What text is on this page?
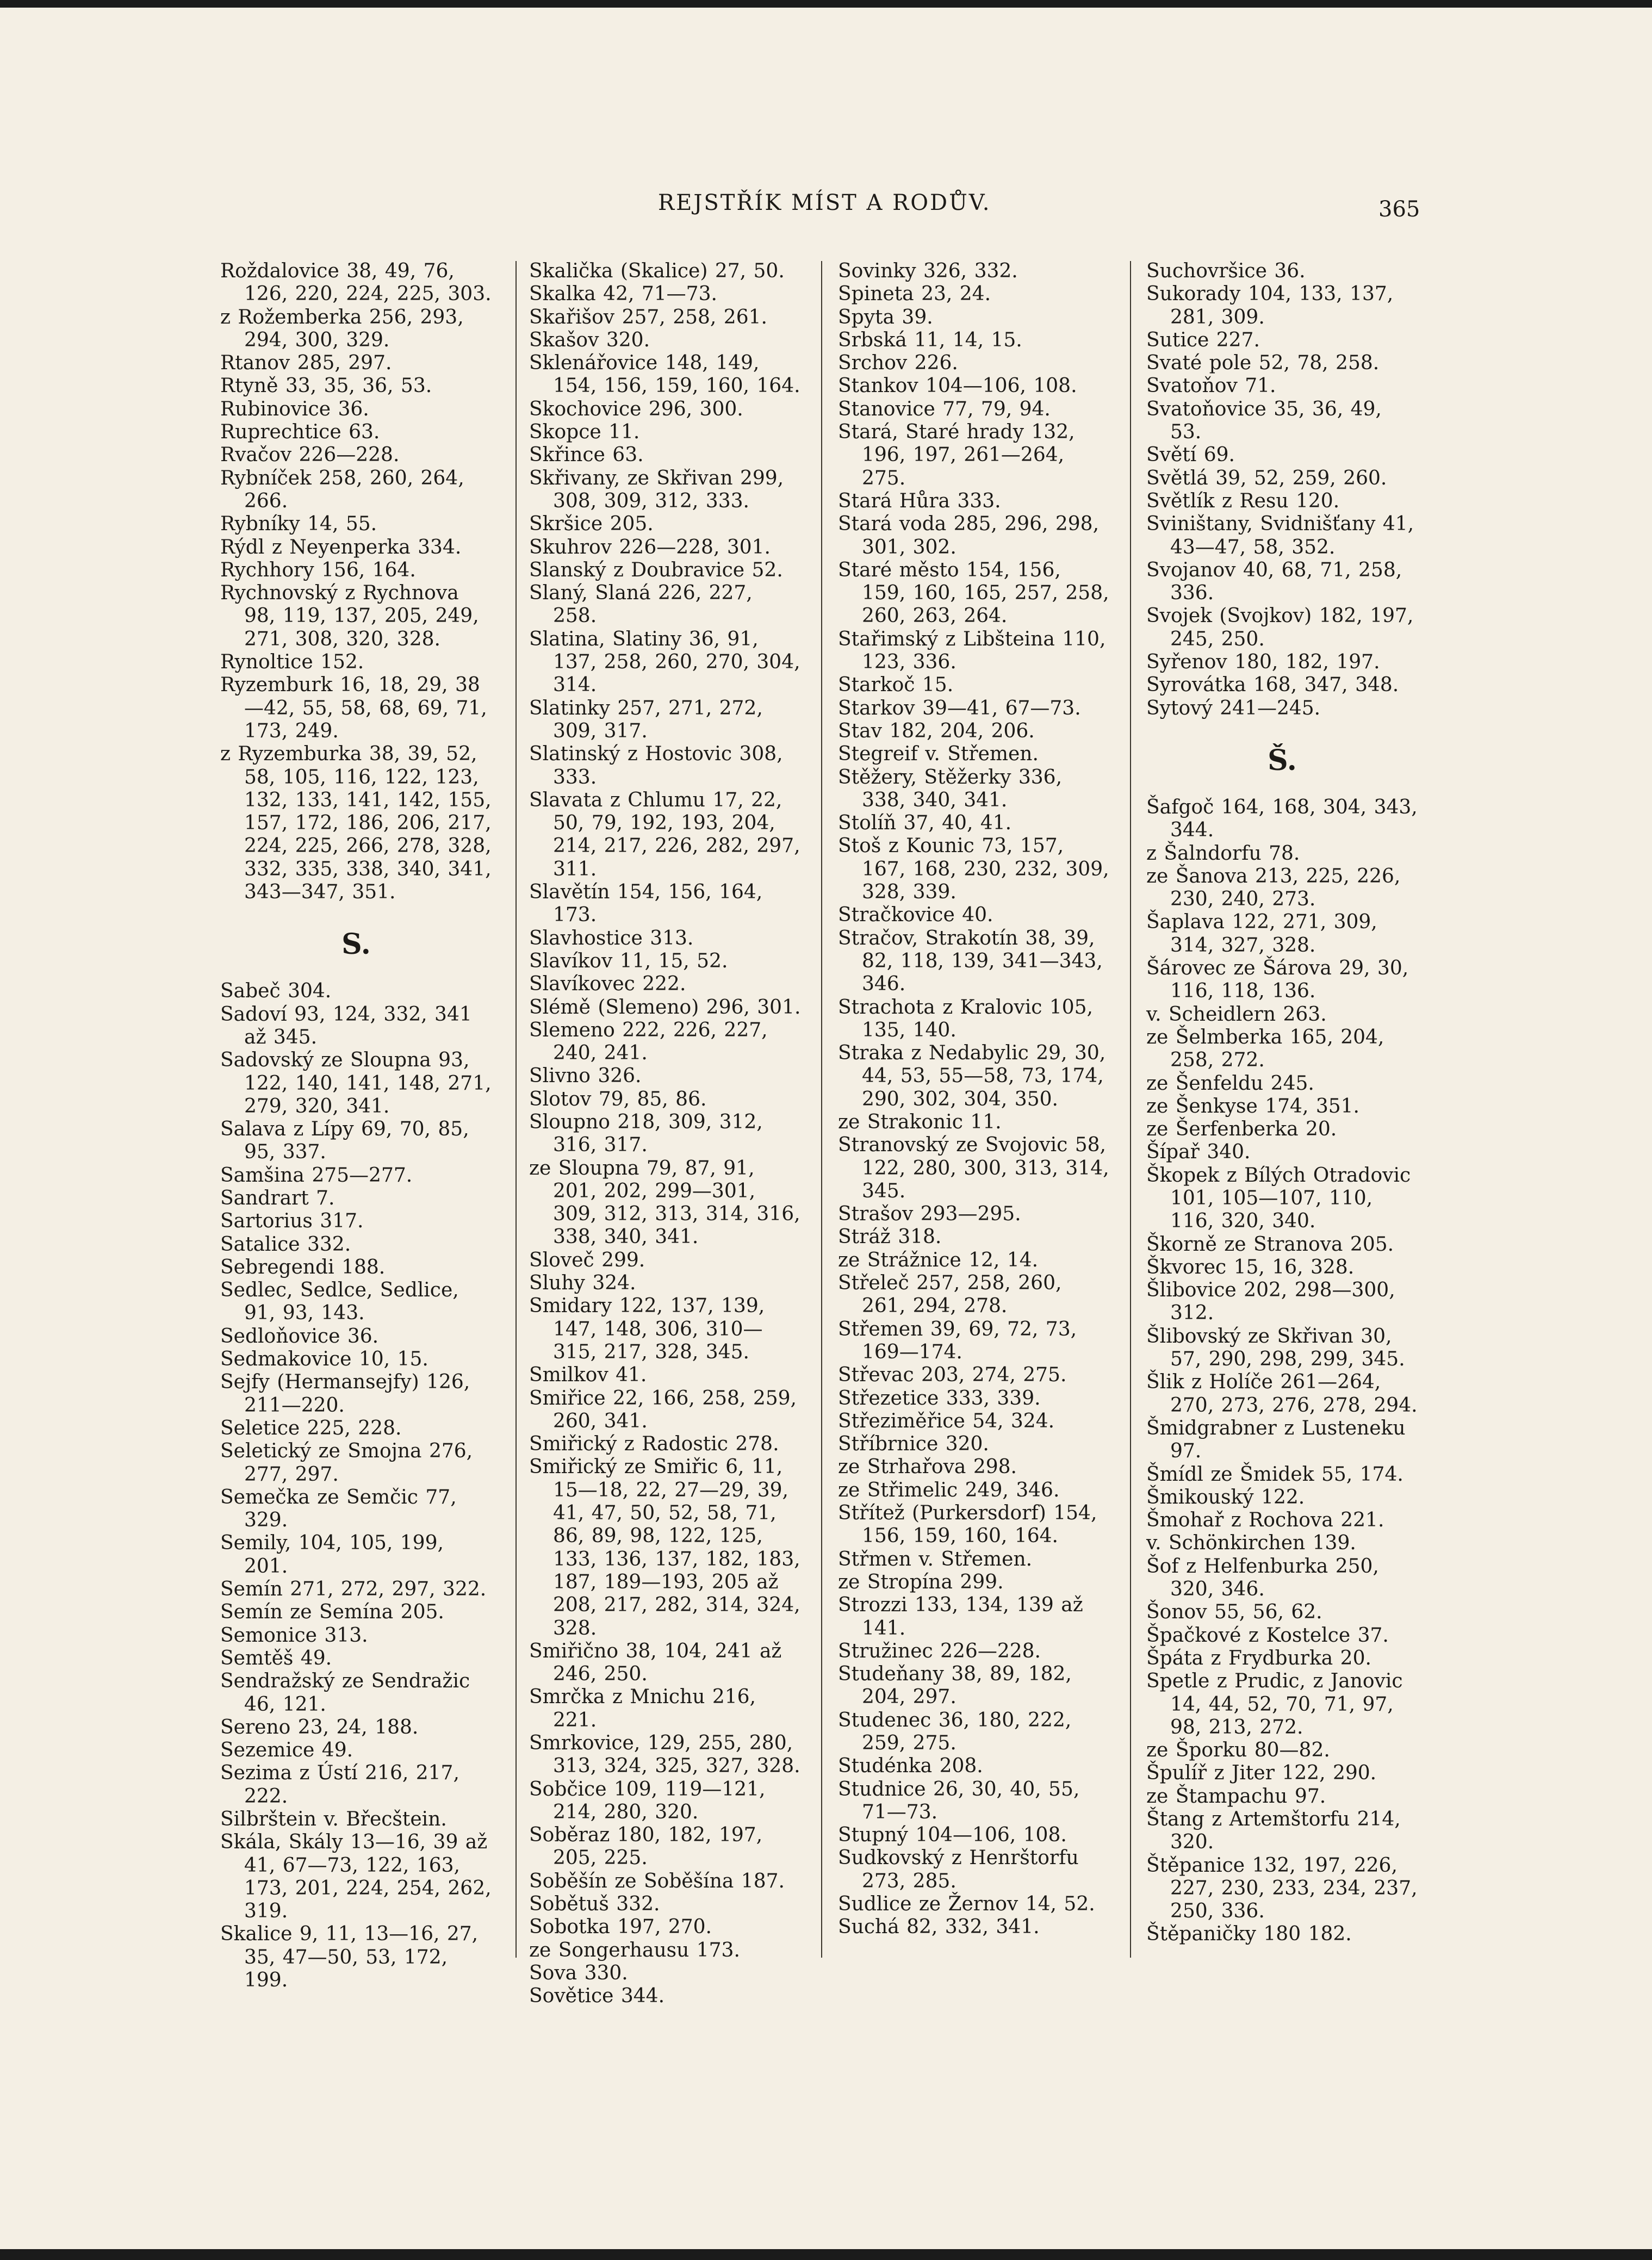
REJSTŘÍK MÍST A RODŮV.	365
Roždalovice 38, 49, 76, 126, 220, 224, 225, 303.
z Rožemberka 256, 293, 294, 300, 329.
Rtanov 285, 297.
Rtyně 33, 35, 36, 53.
Rubinovice 36.
Ruprechtice 63.
Rvačov 226—228.
Rybníček 258, 260, 264, 266.
Rybníky 14, 55.
Rýdl z Neyenperka 334.
Rychhory 156, 164.
Rychnovský z Rychnova 98, 119, 137, 205, 249, 271, 308, 320, 328.
Rynoltice 152.
Ryzemburk 16, 18, 29, 38—42, 55, 58, 68, 69, 71, 173, 249.
z Ryzemburka 38, 39, 52, 58, 105, 116, 122, 123, 132, 133, 141, 142, 155, 157, 172, 186, 206, 217, 224, 225, 266, 278, 328, 332, 335, 338, 340, 341, 343—347, 351.
S.
Sabeč 304.
Sadoví 93, 124, 332, 341 až 345.
Sadovský ze Sloupna 93, 122, 140, 141, 148, 271, 279, 320, 341.
Salava z Lípy 69, 70, 85, 95, 337.
Samšina 275—277.
Sandrart 7.
Sartorius 317.
Satalice 332.
Sebregendi 188.
Sedlec, Sedlce, Sedlice, 91, 93, 143.
Sedloňovice 36.
Sedmakovice 10, 15.
Sejfy (Hermansejfy) 126, 211—220.
Seletice 225, 228.
Seletický ze Smojna 276, 277, 297.
Semečka ze Semčic 77, 329.
Semily, 104, 105, 199, 201.
Semín 271, 272, 297, 322.
Semín ze Semína 205.
Semonice 313.
Semtěš 49.
Sendražský ze Sendražic 46, 121.
Sereno 23, 24, 188.
Sezemice 49.
Sezima z Ústí 216, 217, 222.
Silbrštein v. Břecštein.
Skála, Skály 13—16, 39 až 41, 67—73, 122, 163, 173, 201, 224, 254, 262, 319.
Skalice 9, 11, 13—16, 27, 35, 47—50, 53, 172, 199.
Skalička (Skalice) 27, 50.
Skalka 42, 71—73.
Skařišov 257, 258, 261.
Skašov 320.
Sklenářovice 148, 149, 154, 156, 159, 160, 164.
Skochovice 296, 300.
Skopce 11.
Skřince 63.
Skřivany, ze Skřivan 299, 308, 309, 312, 333.
Skršice 205.
Skuhrov 226—228, 301.
Slanský z Doubravice 52.
Slaný, Slaná 226, 227, 258.
Slatina, Slatiny 36, 91, 137, 258, 260, 270, 304, 314.
Slatinky 257, 271, 272, 309, 317.
Slatinský z Hostovic 308, 333.
Slavata z Chlumu 17, 22, 50, 79, 192, 193, 204, 214, 217, 226, 282, 297, 311.
Slavětín 154, 156, 164, 173.
Slavhostice 313.
Slavíkov 11, 15, 52.
Slavíkovec 222.
Slémě (Slemeno) 296, 301.
Slemeno 222, 226, 227, 240, 241.
Slivno 326.
Slotov 79, 85, 86.
Sloupno 218, 309, 312, 316, 317.
ze Sloupna 79, 87, 91, 201, 202, 299—301, 309, 312, 313, 314, 316, 338, 340, 341.
Sloveč 299.
Sluhy 324.
Smidary 122, 137, 139, 147, 148, 306, 310—315, 217, 328, 345.
Smilkov 41.
Smiřice 22, 166, 258, 259, 260, 341.
Smiřický z Radostic 278.
Smiřický ze Smiřic 6, 11, 15—18, 22, 27—29, 39, 41, 47, 50, 52, 58, 71, 86, 89, 98, 122, 125, 133, 136, 137, 182, 183, 187, 189—193, 205 až 208, 217, 282, 314, 324, 328.
Smiřično 38, 104, 241 až 246, 250.
Smrčka z Mnichu 216, 221.
Smrkovice, 129, 255, 280, 313, 324, 325, 327, 328.
Sobčice 109, 119—121, 214, 280, 320.
Soběraz 180, 182, 197, 205, 225.
Soběšín ze Soběšína 187.
Sobětuš 332.
Sobotka 197, 270.
ze Songerhausu 173.
Sova 330.
Sovětice 344.
Sovinky 326, 332.
Spineta 23, 24.
Spyta 39.
Srbská 11, 14, 15.
Srchov 226.
Stankov 104—106, 108.
Stanovice 77, 79, 94.
Stará, Staré hrady 132, 196, 197, 261—264, 275.
Stará Hůra 333.
Stará voda 285, 296, 298, 301, 302.
Staré město 154, 156, 159, 160, 165, 257, 258, 260, 263, 264.
Stařimský z Libšteina 110, 123, 336.
Starkoč 15.
Starkov 39—41, 67—73.
Stav 182, 204, 206.
Stegreif v. Střemen.
Stěžery, Stěžerky 336, 338, 340, 341.
Stolíň 37, 40, 41.
Stoš z Kounic 73, 157, 167, 168, 230, 232, 309, 328, 339.
Stračkovice 40.
Stračov, Strakotín 38, 39, 82, 118, 139, 341—343, 346.
Strachota z Kralovic 105, 135, 140.
Straka z Nedabylic 29, 30, 44, 53, 55—58, 73, 174, 290, 302, 304, 350.
ze Strakonic 11.
Stranovský ze Svojovic 58, 122, 280, 300, 313, 314, 345.
Strašov 293—295.
Stráž 318.
ze Strážnice 12, 14.
Střeleč 257, 258, 260, 261, 294, 278.
Střemen 39, 69, 72, 73, 169—174.
Střevac 203, 274, 275.
Střezetice 333, 339.
Střeziměřice 54, 324.
Stříbrnice 320.
ze Strhařova 298.
ze Střimelic 249, 346.
Střítež (Purkersdorf) 154, 156, 159, 160, 164.
Střmen v. Střemen.
ze Stropína 299.
Strozzi 133, 134, 139 až 141.
Stružinec 226—228.
Studeňany 38, 89, 182, 204, 297.
Studenec 36, 180, 222, 259, 275.
Studénka 208.
Studnice 26, 30, 40, 55, 71—73.
Stupný 104—106, 108.
Sudkovský z Henrštorfu 273, 285.
Sudlice ze Žernov 14, 52.
Suchá 82, 332, 341.
Suchovršice 36.
Sukorady 104, 133, 137, 281, 309.
Sutice 227.
Svaté pole 52, 78, 258.
Svatoňov 71.
Svatoňovice 35, 36, 49, 53.
Světí 69.
Světlá 39, 52, 259, 260.
Světlík z Resu 120.
Sviništany, Svidnišťany 41, 43—47, 58, 352.
Svojanov 40, 68, 71, 258, 336.
Svojek (Svojkov) 182, 197, 245, 250.
Syřenov 180, 182, 197.
Syrovátka 168, 347, 348.
Sytový 241—245.
Š.
Šafgoč 164, 168, 304, 343, 344.
z Šalndorfu 78.
ze Šanova 213, 225, 226, 230, 240, 273.
Šaplava 122, 271, 309, 314, 327, 328.
Šárovec ze Šárova 29, 30, 116, 118, 136.
v. Scheidlern 263.
ze Šelmberka 165, 204, 258, 272.
ze Šenfeldu 245.
ze Šenkyse 174, 351.
ze Šerfenberka 20.
Šípař 340.
Škopek z Bílých Otradovic 101, 105—107, 110, 116, 320, 340.
Škorně ze Stranova 205.
Škvorec 15, 16, 328.
Šlibovice 202, 298—300, 312.
Šlibovský ze Skřivan 30, 57, 290, 298, 299, 345.
Šlik z Holíče 261—264, 270, 273, 276, 278, 294.
Šmidgrabner z Lusteneku 97.
Šmídl ze Šmidek 55, 174.
Šmikouský 122.
Šmohař z Rochova 221.
v. Schönkirchen 139.
Šof z Helfenburka 250, 320, 346.
Šonov 55, 56, 62.
Špačkové z Kostelce 37.
Špáta z Frydburka 20.
Spetle z Prudic, z Janovic 14, 44, 52, 70, 71, 97, 98, 213, 272.
ze Šporku 80—82.
Špulíř z Jiter 122, 290.
ze Štampachu 97.
Štang z Artemštorfu 214, 320.
Štěpanice 132, 197, 226, 227, 230, 233, 234, 237, 250, 336.
Štěpaničky 180 182.
